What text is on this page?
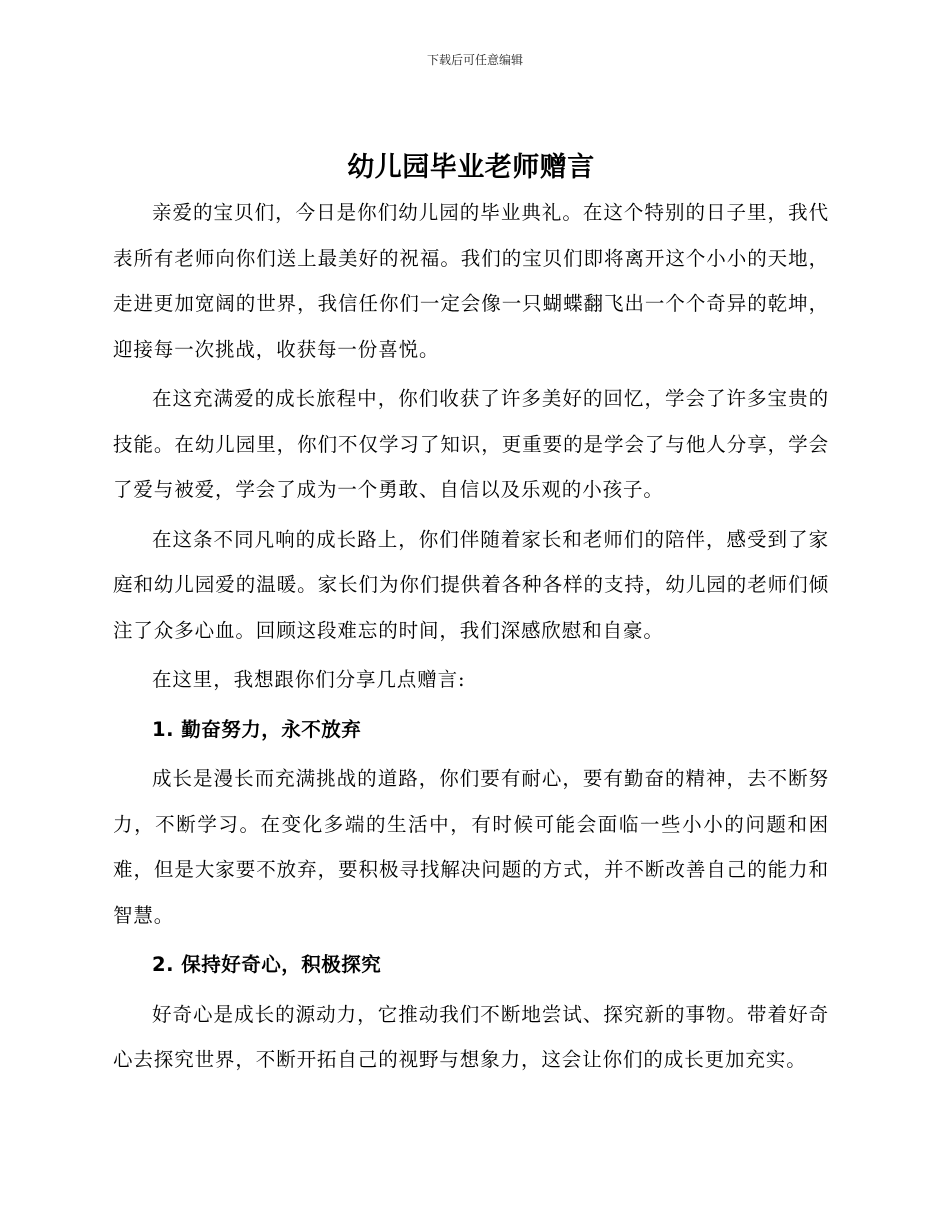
下载后可任意编辑
幼儿园毕业老师赠言

亲爱的宝贝们，今日是你们幼儿园的毕业典礼。在这个特别的日子里，我代表所有老师向你们送上最美好的祝福。我们的宝贝们即将离开这个小小的天地，走进更加宽阔的世界，我信任你们一定会像一只蝴蝶翻飞出一个个奇异的乾坤，迎接每一次挑战，收获每一份喜悦。

在这充满爱的成长旅程中，你们收获了许多美好的回忆，学会了许多宝贵的技能。在幼儿园里，你们不仅学习了知识，更重要的是学会了与他人分享，学会了爱与被爱，学会了成为一个勇敢、自信以及乐观的小孩子。

在这条不同凡响的成长路上，你们伴随着家长和老师们的陪伴，感受到了家庭和幼儿园爱的温暖。家长们为你们提供着各种各样的支持，幼儿园的老师们倾注了众多心血。回顾这段难忘的时间，我们深感欣慰和自豪。

在这里，我想跟你们分享几点赠言:

1. 勤奋努力，永不放弃

成长是漫长而充满挑战的道路，你们要有耐心，要有勤奋的精神，去不断努力，不断学习。在变化多端的生活中，有时候可能会面临一些小小的问题和困难，但是大家要不放弃，要积极寻找解决问题的方式，并不断改善自己的能力和智慧。

2. 保持好奇心，积极探究

好奇心是成长的源动力，它推动我们不断地尝试、探究新的事物。带着好奇心去探究世界，不断开拓自己的视野与想象力，这会让你们的成长更加充实。
